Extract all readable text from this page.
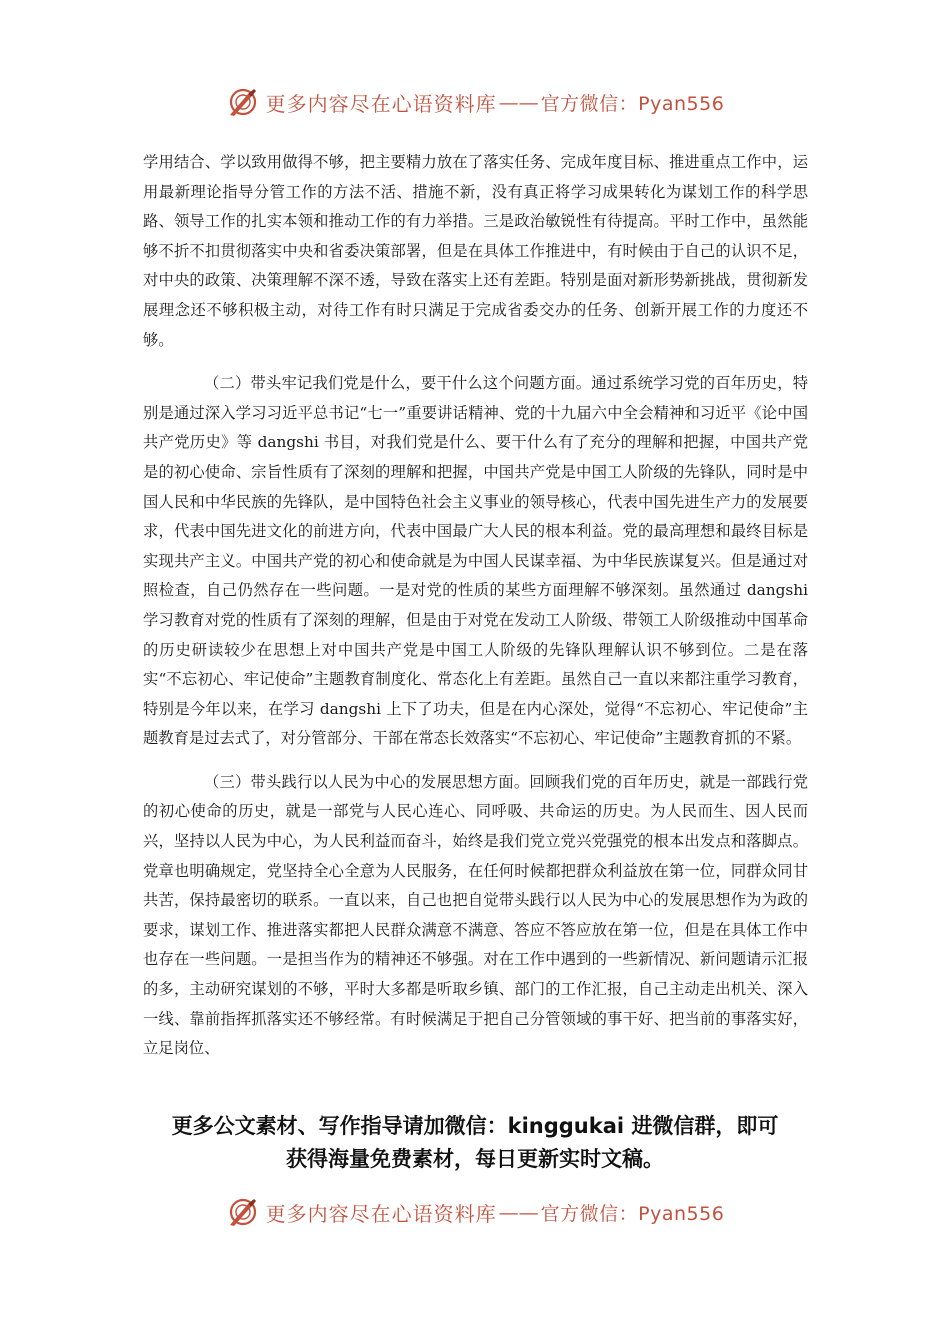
更多内容尽在心语资料库 —— 官方微信：Pyan556

学用结合、学以致用做得不够，把主要精力放在了落实任务、完成年度目标、推进重点工作中，运用最新理论指导分管工作的方法不活、措施不新，没有真正将学习成果转化为谋划工作的科学思路、领导工作的扎实本领和推动工作的有力举措。三是政治敏锐性有待提高。平时工作中，虽然能够不折不扣贯彻落实中央和省委决策部署，但是在具体工作推进中，有时候由于自己的认识不足，对中央的政策、决策理解不深不透，导致在落实上还有差距。特别是面对新形势新挑战，贯彻新发展理念还不够积极主动，对待工作有时只满足于完成省委交办的任务、创新开展工作的力度还不够。

（二）带头牢记我们党是什么，要干什么这个问题方面。通过系统学习党的百年历史，特别是通过深入学习习近平总书记“七一”重要讲话精神、党的十九届六中全会精神和习近平《论中国共产党历史》等 dangshi 书目，对我们党是什么、要干什么有了充分的理解和把握，中国共产党是的初心使命、宗旨性质有了深刻的理解和把握，中国共产党是中国工人阶级的先锋队，同时是中国人民和中华民族的先锋队，是中国特色社会主义事业的领导核心，代表中国先进生产力的发展要求，代表中国先进文化的前进方向，代表中国最广大人民的根本利益。党的最高理想和最终目标是实现共产主义。中国共产党的初心和使命就是为中国人民谋幸福、为中华民族谋复兴。但是通过对照检查，自己仍然存在一些问题。一是对党的性质的某些方面理解不够深刻。虽然通过 dangshi 学习教育对党的性质有了深刻的理解，但是由于对党在发动工人阶级、带领工人阶级推动中国革命的历史研读较少在思想上对中国共产党是中国工人阶级的先锋队理解认识不够到位。二是在落实“不忘初心、牢记使命”主题教育制度化、常态化上有差距。虽然自己一直以来都注重学习教育，特别是今年以来，在学习 dangshi 上下了功夫，但是在内心深处，觉得“不忘初心、牢记使命”主题教育是过去式了，对分管部分、干部在常态长效落实“不忘初心、牢记使命”主题教育抓的不紧。

（三）带头践行以人民为中心的发展思想方面。回顾我们党的百年历史，就是一部践行党的初心使命的历史，就是一部党与人民心连心、同呼吸、共命运的历史。为人民而生、因人民而兴，坚持以人民为中心，为人民利益而奋斗，始终是我们党立党兴党强党的根本出发点和落脚点。党章也明确规定，党坚持全心全意为人民服务，在任何时候都把群众利益放在第一位，同群众同甘共苦，保持最密切的联系。一直以来，自己也把自觉带头践行以人民为中心的发展思想作为为政的要求，谋划工作、推进落实都把人民群众满意不满意、答应不答应放在第一位，但是在具体工作中也存在一些问题。一是担当作为的精神还不够强。对在工作中遇到的一些新情况、新问题请示汇报的多，主动研究谋划的不够，平时大多都是听取乡镇、部门的工作汇报，自己主动走出机关、深入一线、靠前指挥抓落实还不够经常。有时候满足于把自己分管领域的事干好、把当前的事落实好，立足岗位、

更多公文素材、写作指导请加微信：kinggukai 进微信群，即可
获得海量免费素材，每日更新实时文稿。
更多内容尽在心语资料库 —— 官方微信：Pyan556
